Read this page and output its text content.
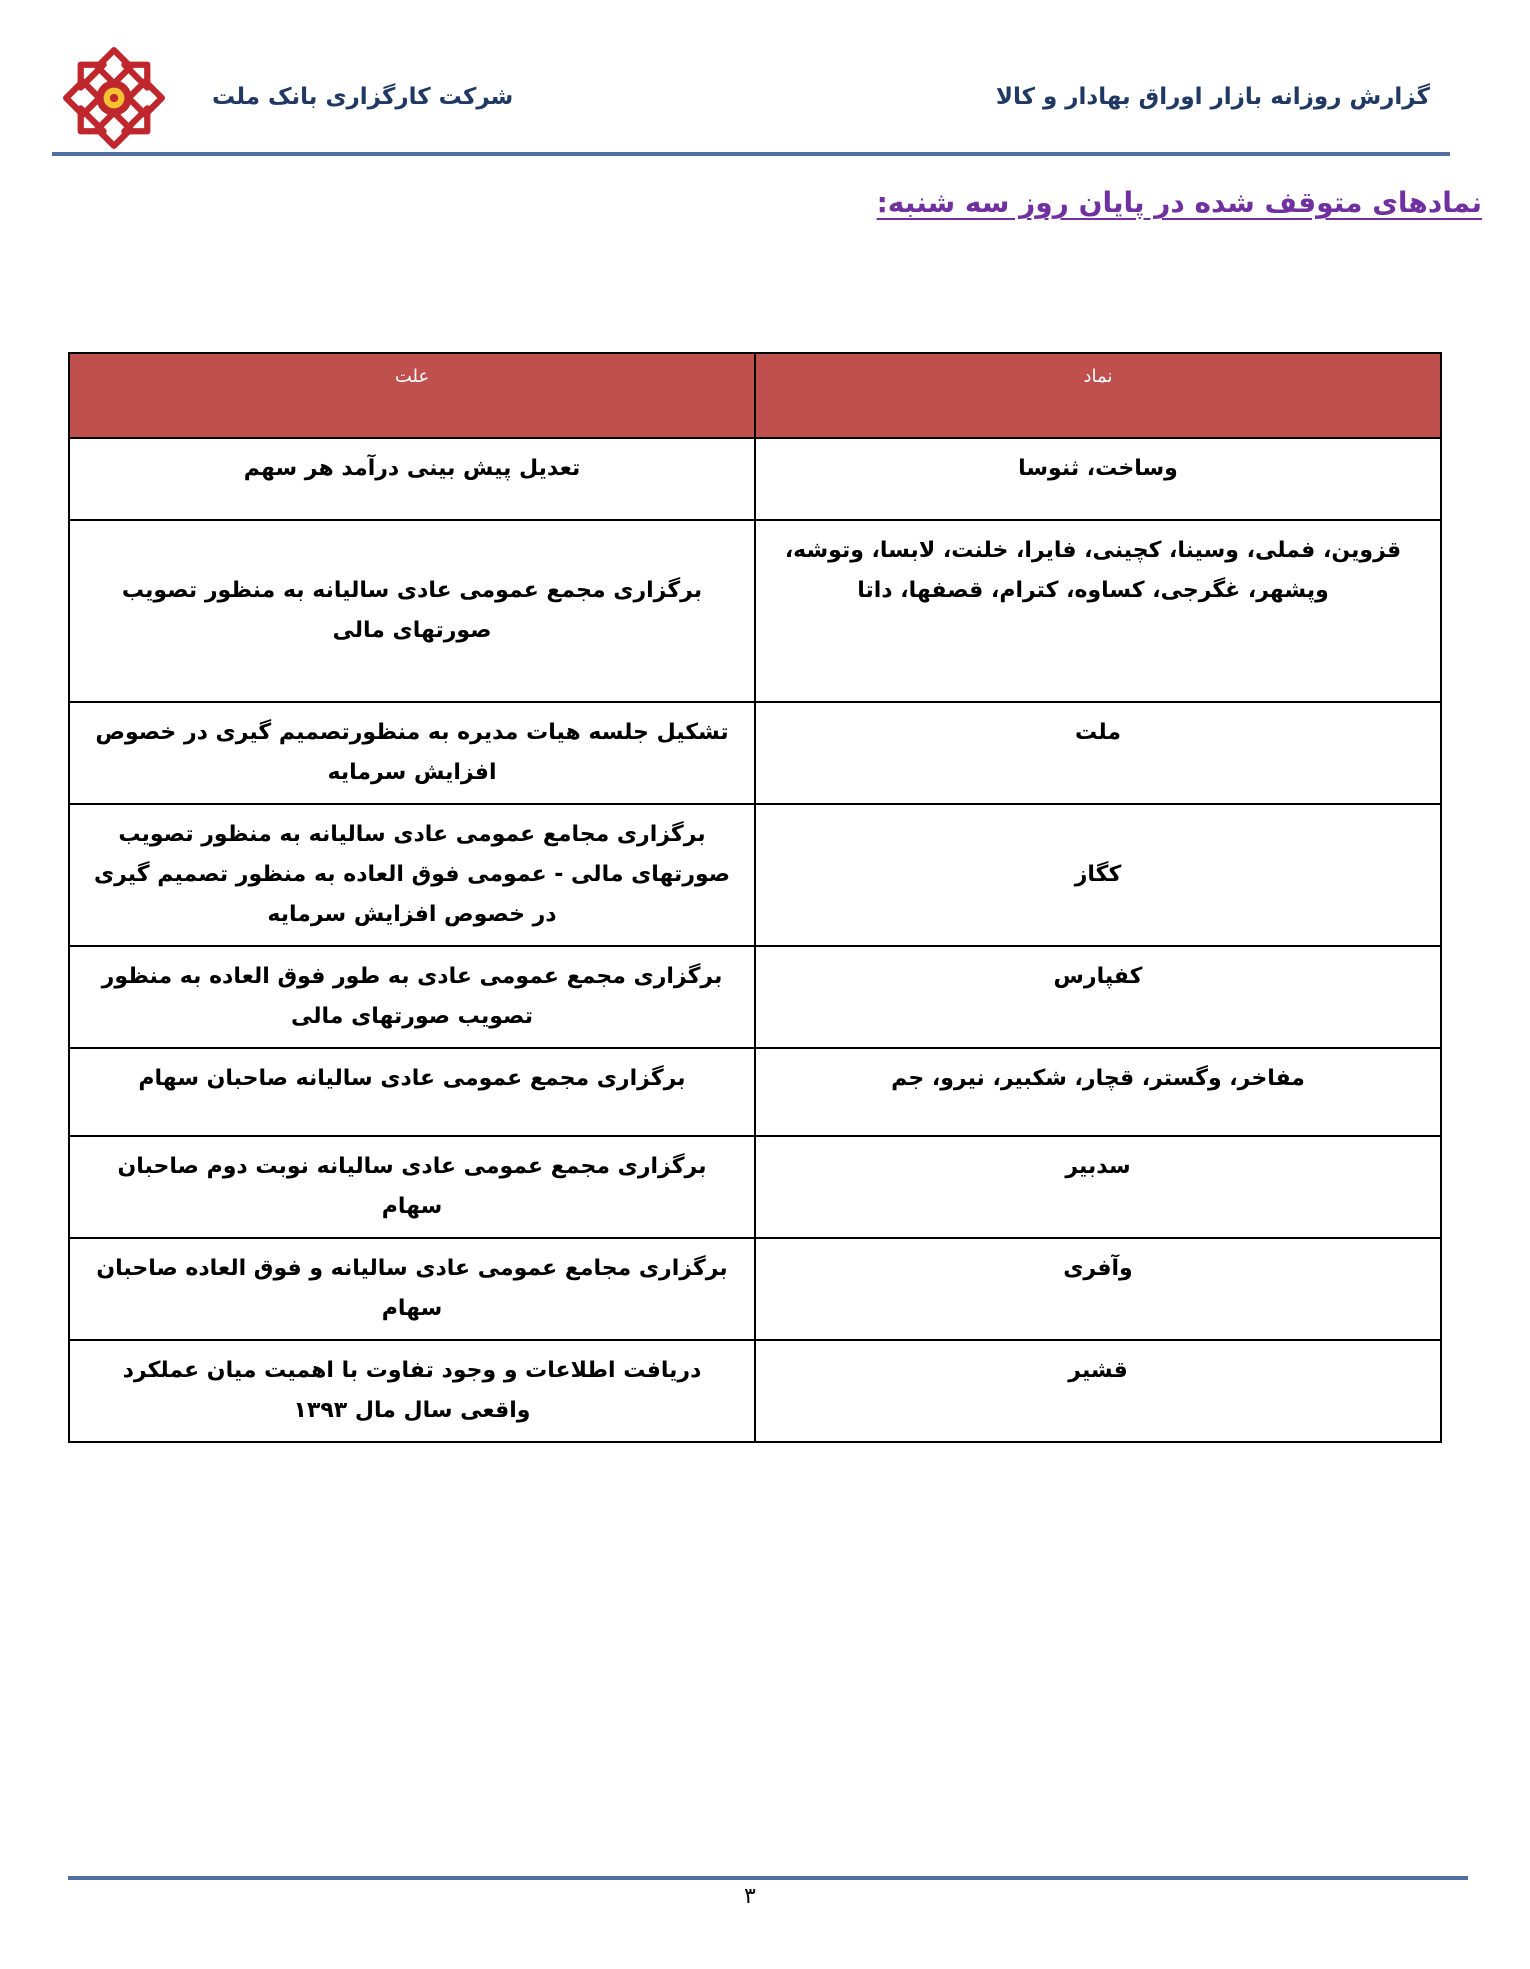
گزارش روزانه بازار اوراق بهادار و کالا
شرکت کارگزاری بانک ملت
نمادهای متوقف شده در پایان روز سه شنبه:
نماد	علت
وساخت، ثنوسا	تعدیل پیش بینی درآمد هر سهم
قزوین، فملی، وسینا، کچینی، فایرا، خلنت، لابسا، وتوشه، وپشهر، غگرجی، کساوه، کترام، قصفها، داتا	برگزاری مجمع عمومی عادی سالیانه به منظور تصویب صورتهای مالی
ملت	تشکیل جلسه هیات مدیره به منظورتصمیم گیری در خصوص افزایش سرمایه
کگاز	برگزاری مجامع عمومی عادی سالیانه به منظور تصویب صورتهای مالی - عمومی فوق العاده به منظور تصمیم گیری در خصوص افزایش سرمایه
کفپارس	برگزاری مجمع عمومی عادی به طور فوق العاده به منظور تصویب صورتهای مالی
مفاخر، وگستر، قچار، شکبیر، نیرو، جم	برگزاری مجمع عمومی عادی سالیانه صاحبان سهام
سدبیر	برگزاری مجمع عمومی عادی سالیانه نوبت دوم صاحبان سهام
وآفری	برگزاری مجامع عمومی عادی سالیانه و فوق العاده صاحبان سهام
قشیر	دریافت اطلاعات و وجود تفاوت با اهمیت میان عملکرد واقعی سال مال ۱۳۹۳
۳
